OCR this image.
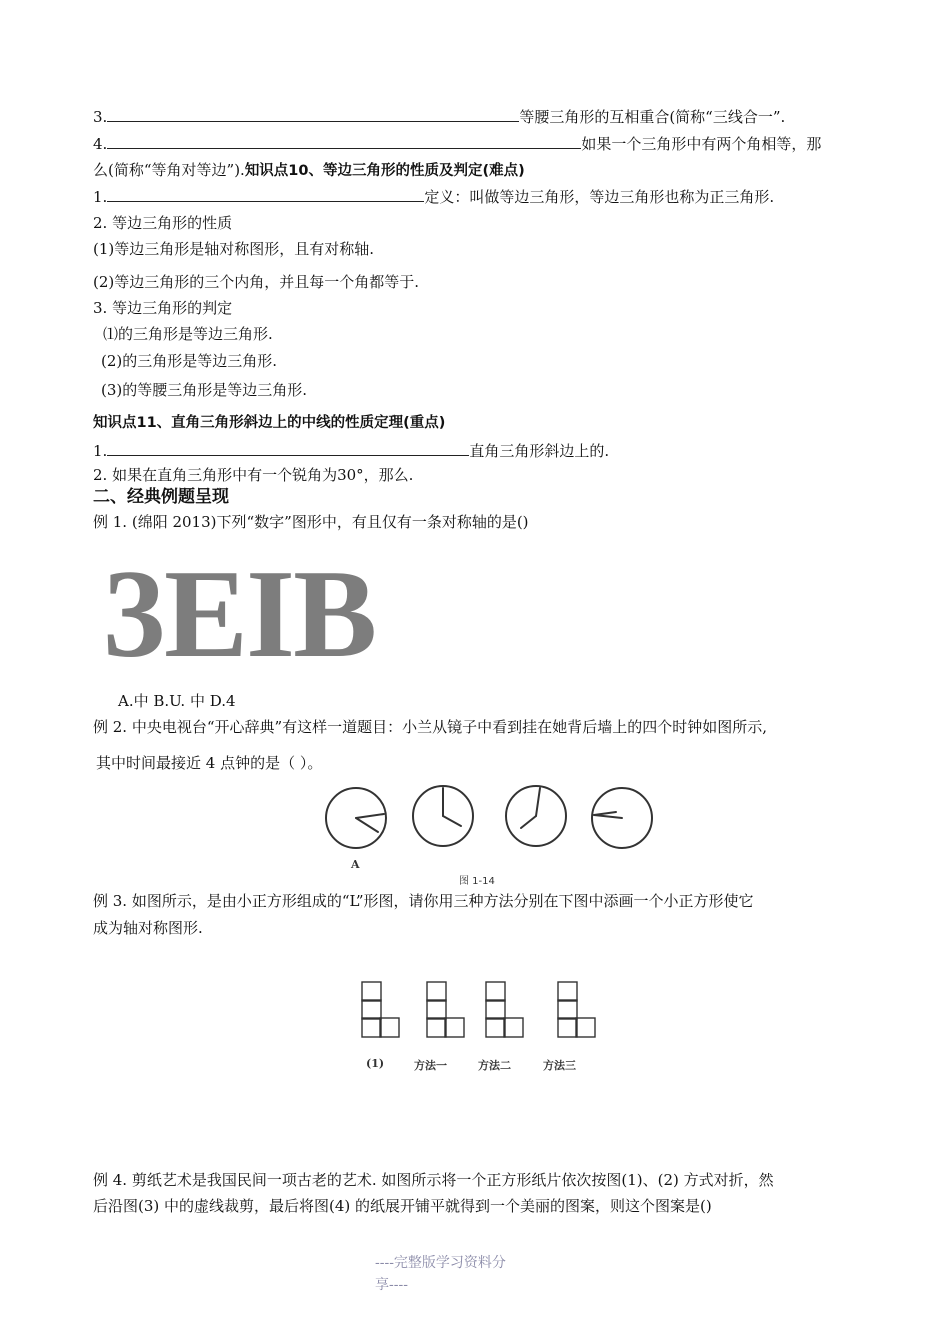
3.	等腰三角形的互相重合(简称“三线合一”.
4.	如果一个三角形中有两个角相等，那
么(简称“等角对等边”).知识点10、等边三角形的性质及判定(难点)
1.	定义：叫做等边三角形，等边三角形也称为正三角形.
2. 等边三角形的性质
(1)等边三角形是轴对称图形，且有对称轴.
(2)等边三角形的三个内角，并且每一个角都等于.
3. 等边三角形的判定
⑴的三角形是等边三角形.
(2)的三角形是等边三角形.
(3)的等腰三角形是等边三角形.
知识点11、直角三角形斜边上的中线的性质定理(重点)
1.	直角三角形斜边上的.
2. 如果在直角三角形中有一个锐角为30°，那么.
二、经典例题呈现
例 1. (绵阳 2013)下列“数字”图形中，有且仅有一条对称轴的是()
3EIB
A.中 B.U. 中 D.4
例 2. 中央电视台“开心辞典”有这样一道题目：小兰从镜子中看到挂在她背后墙上的四个时钟如图所示,
其中时间最接近 4 点钟的是（ ）。
A
图 1-14
例 3. 如图所示，是由小正方形组成的“L”形图，请你用三种方法分别在下图中添画一个小正方形使它
成为轴对称图形.
(1)	方法一	方法二	方法三
例 4. 剪纸艺术是我国民间一项古老的艺术. 如图所示将一个正方形纸片依次按图(1)、(2) 方式对折，然
后沿图(3) 中的虚线裁剪，最后将图(4) 的纸展开铺平就得到一个美丽的图案，则这个图案是()
----完整版学习资料分
享----
